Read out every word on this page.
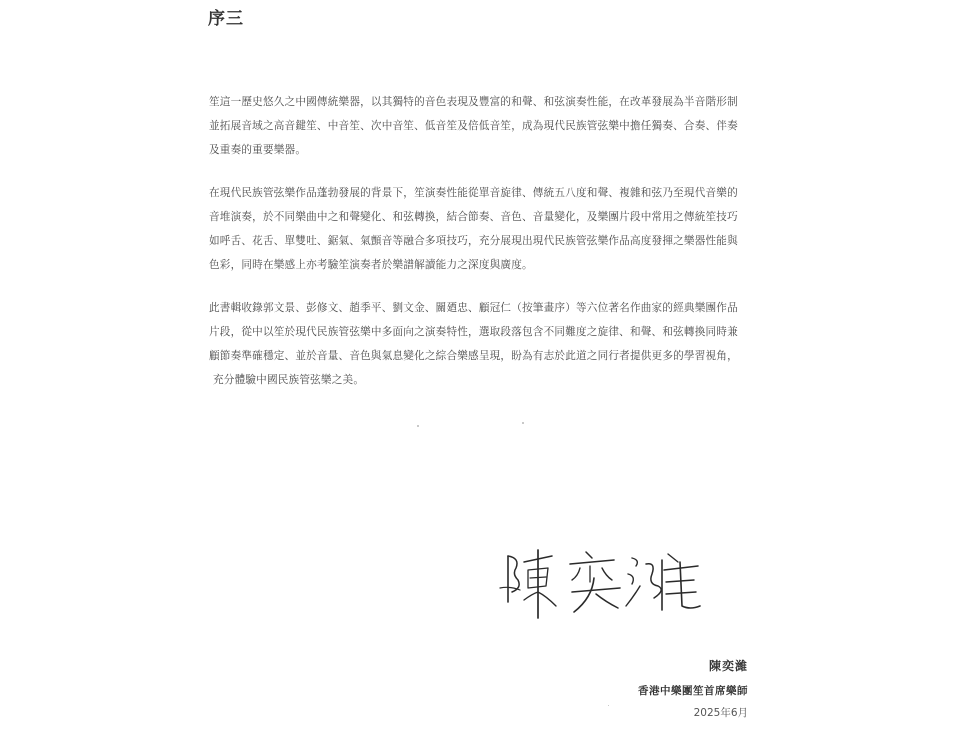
序三
笙這一歷史悠久之中國傳統樂器，以其獨特的音色表現及豐富的和聲、和弦演奏性能，在改革發展為半音階形制
並拓展音域之高音鍵笙、中音笙、次中音笙、低音笙及倍低音笙，成為現代民族管弦樂中擔任獨奏、合奏、伴奏
及重奏的重要樂器。
在現代民族管弦樂作品蓬勃發展的背景下，笙演奏性能從單音旋律、傳統五八度和聲、複雜和弦乃至現代音樂的
音堆演奏，於不同樂曲中之和聲變化、和弦轉換，結合節奏、音色、音量變化，及樂團片段中常用之傳統笙技巧
如呼舌、花舌、單雙吐、鋸氣、氣顫音等融合多項技巧，充分展現出現代民族管弦樂作品高度發揮之樂器性能與
色彩，同時在樂感上亦考驗笙演奏者於樂譜解讀能力之深度與廣度。
此書輯收錄郭文景、彭修文、趙季平、劉文金、關廼忠、顧冠仁（按筆畫序）等六位著名作曲家的經典樂團作品
片段，從中以笙於現代民族管弦樂中多面向之演奏特性，選取段落包含不同難度之旋律、和聲、和弦轉換同時兼
顧節奏準確穩定、並於音量、音色與氣息變化之綜合樂感呈現，盼為有志於此道之同行者提供更多的學習視角，
充分體驗中國民族管弦樂之美。
陳奕濰
香港中樂團笙首席樂師
2025年6月
